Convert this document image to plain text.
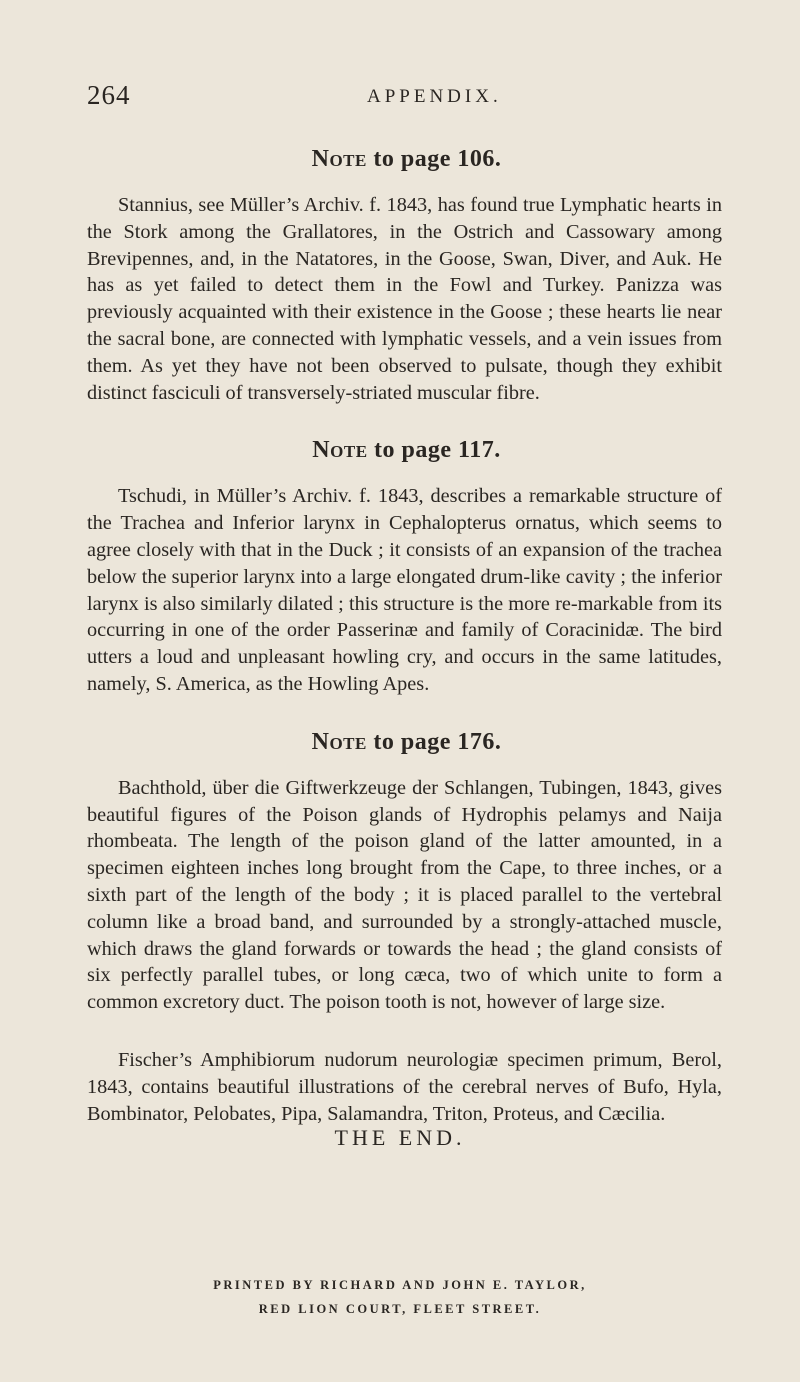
264	APPENDIX.
Note to page 106.

Stannius, see Müller’s Archiv. f. 1843, has found true Lymphatic hearts in the Stork among the Grallatores, in the Ostrich and Cassowary among Brevipennes, and, in the Natatores, in the Goose, Swan, Diver, and Auk. He has as yet failed to detect them in the Fowl and Turkey. Panizza was previously acquainted with their existence in the Goose ; these hearts lie near the sacral bone, are connected with lymphatic vessels, and a vein issues from them. As yet they have not been observed to pulsate, though they exhibit distinct fasciculi of transversely-striated muscular fibre.

Note to page 117.

Tschudi, in Müller’s Archiv. f. 1843, describes a remarkable structure of the Trachea and Inferior larynx in Cephalopterus ornatus, which seems to agree closely with that in the Duck ; it consists of an expansion of the trachea below the superior larynx into a large elongated drum-like cavity ; the inferior larynx is also similarly dilated ; this structure is the more re-markable from its occurring in one of the order Passerinæ and family of Coracinidæ. The bird utters a loud and unpleasant howling cry, and occurs in the same latitudes, namely, S. America, as the Howling Apes.

Note to page 176.

Bachthold, über die Giftwerkzeuge der Schlangen, Tubingen, 1843, gives beautiful figures of the Poison glands of Hydrophis pelamys and Naija rhombeata. The length of the poison gland of the latter amounted, in a specimen eighteen inches long brought from the Cape, to three inches, or a sixth part of the length of the body ; it is placed parallel to the vertebral column like a broad band, and surrounded by a strongly-attached muscle, which draws the gland forwards or towards the head ; the gland consists of six perfectly parallel tubes, or long cæca, two of which unite to form a common excretory duct. The poison tooth is not, however of large size.

Fischer’s Amphibiorum nudorum neurologiæ specimen primum, Berol, 1843, contains beautiful illustrations of the cerebral nerves of Bufo, Hyla, Bombinator, Pelobates, Pipa, Salamandra, Triton, Proteus, and Cæcilia.

THE END.
PRINTED BY RICHARD AND JOHN E. TAYLOR,
RED LION COURT, FLEET STREET.
